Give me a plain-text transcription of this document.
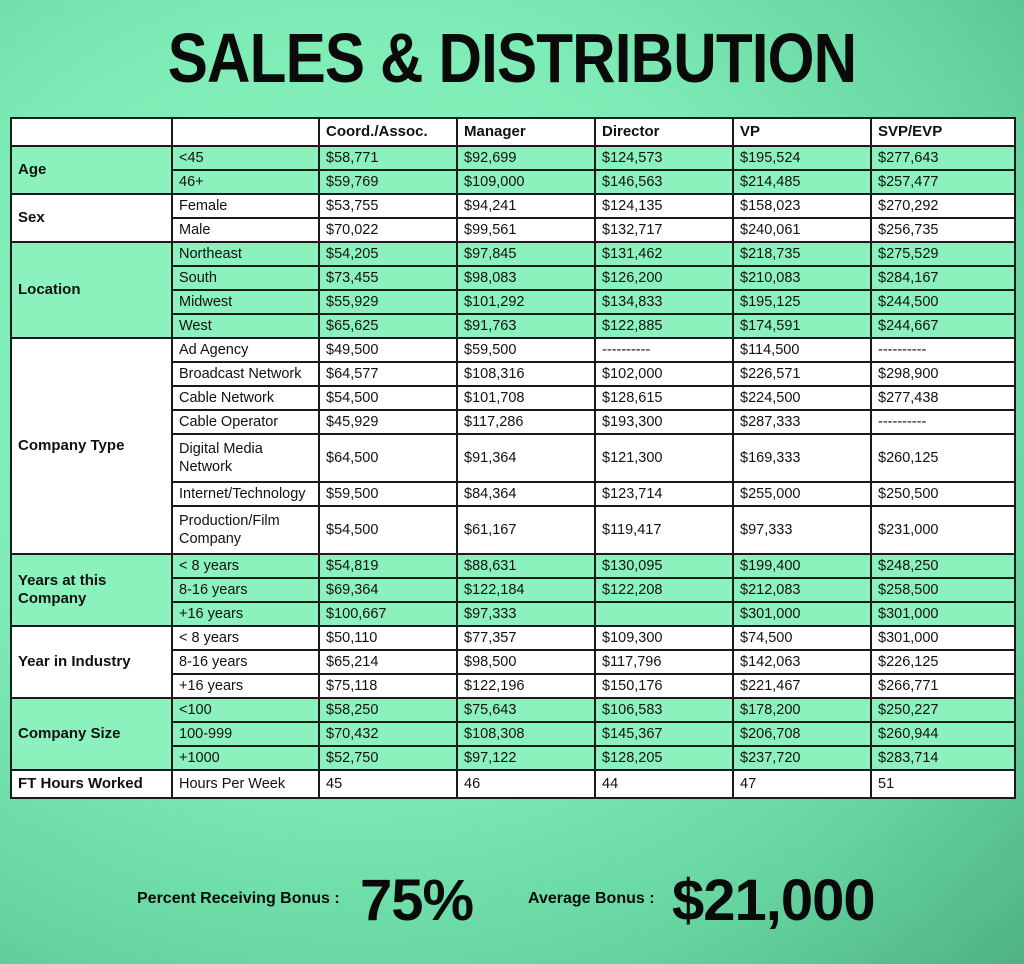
SALES & DISTRIBUTION
		Coord./Assoc.	Manager	Director	VP	SVP/EVP
Age	<45	$58,771	$92,699	$124,573	$195,524	$277,643
	46+	$59,769	$109,000	$146,563	$214,485	$257,477
Sex	Female	$53,755	$94,241	$124,135	$158,023	$270,292
	Male	$70,022	$99,561	$132,717	$240,061	$256,735
Location	Northeast	$54,205	$97,845	$131,462	$218,735	$275,529
	South	$73,455	$98,083	$126,200	$210,083	$284,167
	Midwest	$55,929	$101,292	$134,833	$195,125	$244,500
	West	$65,625	$91,763	$122,885	$174,591	$244,667
Company Type	Ad Agency	$49,500	$59,500	----------	$114,500	----------
	Broadcast Network	$64,577	$108,316	$102,000	$226,571	$298,900
	Cable Network	$54,500	$101,708	$128,615	$224,500	$277,438
	Cable Operator	$45,929	$117,286	$193,300	$287,333	----------
	Digital Media Network	$64,500	$91,364	$121,300	$169,333	$260,125
	Internet/Technology	$59,500	$84,364	$123,714	$255,000	$250,500
	Production/Film Company	$54,500	$61,167	$119,417	$97,333	$231,000
Years at this Company	< 8 years	$54,819	$88,631	$130,095	$199,400	$248,250
	8-16 years	$69,364	$122,184	$122,208	$212,083	$258,500
	+16 years	$100,667	$97,333		$301,000	$301,000
Year in Industry	< 8 years	$50,110	$77,357	$109,300	$74,500	$301,000
	8-16 years	$65,214	$98,500	$117,796	$142,063	$226,125
	+16 years	$75,118	$122,196	$150,176	$221,467	$266,771
Company Size	<100	$58,250	$75,643	$106,583	$178,200	$250,227
	100-999	$70,432	$108,308	$145,367	$206,708	$260,944
	+1000	$52,750	$97,122	$128,205	$237,720	$283,714
FT Hours Worked	Hours Per Week	45	46	44	47	51
Percent Receiving Bonus : 75%	Average Bonus : $21,000
